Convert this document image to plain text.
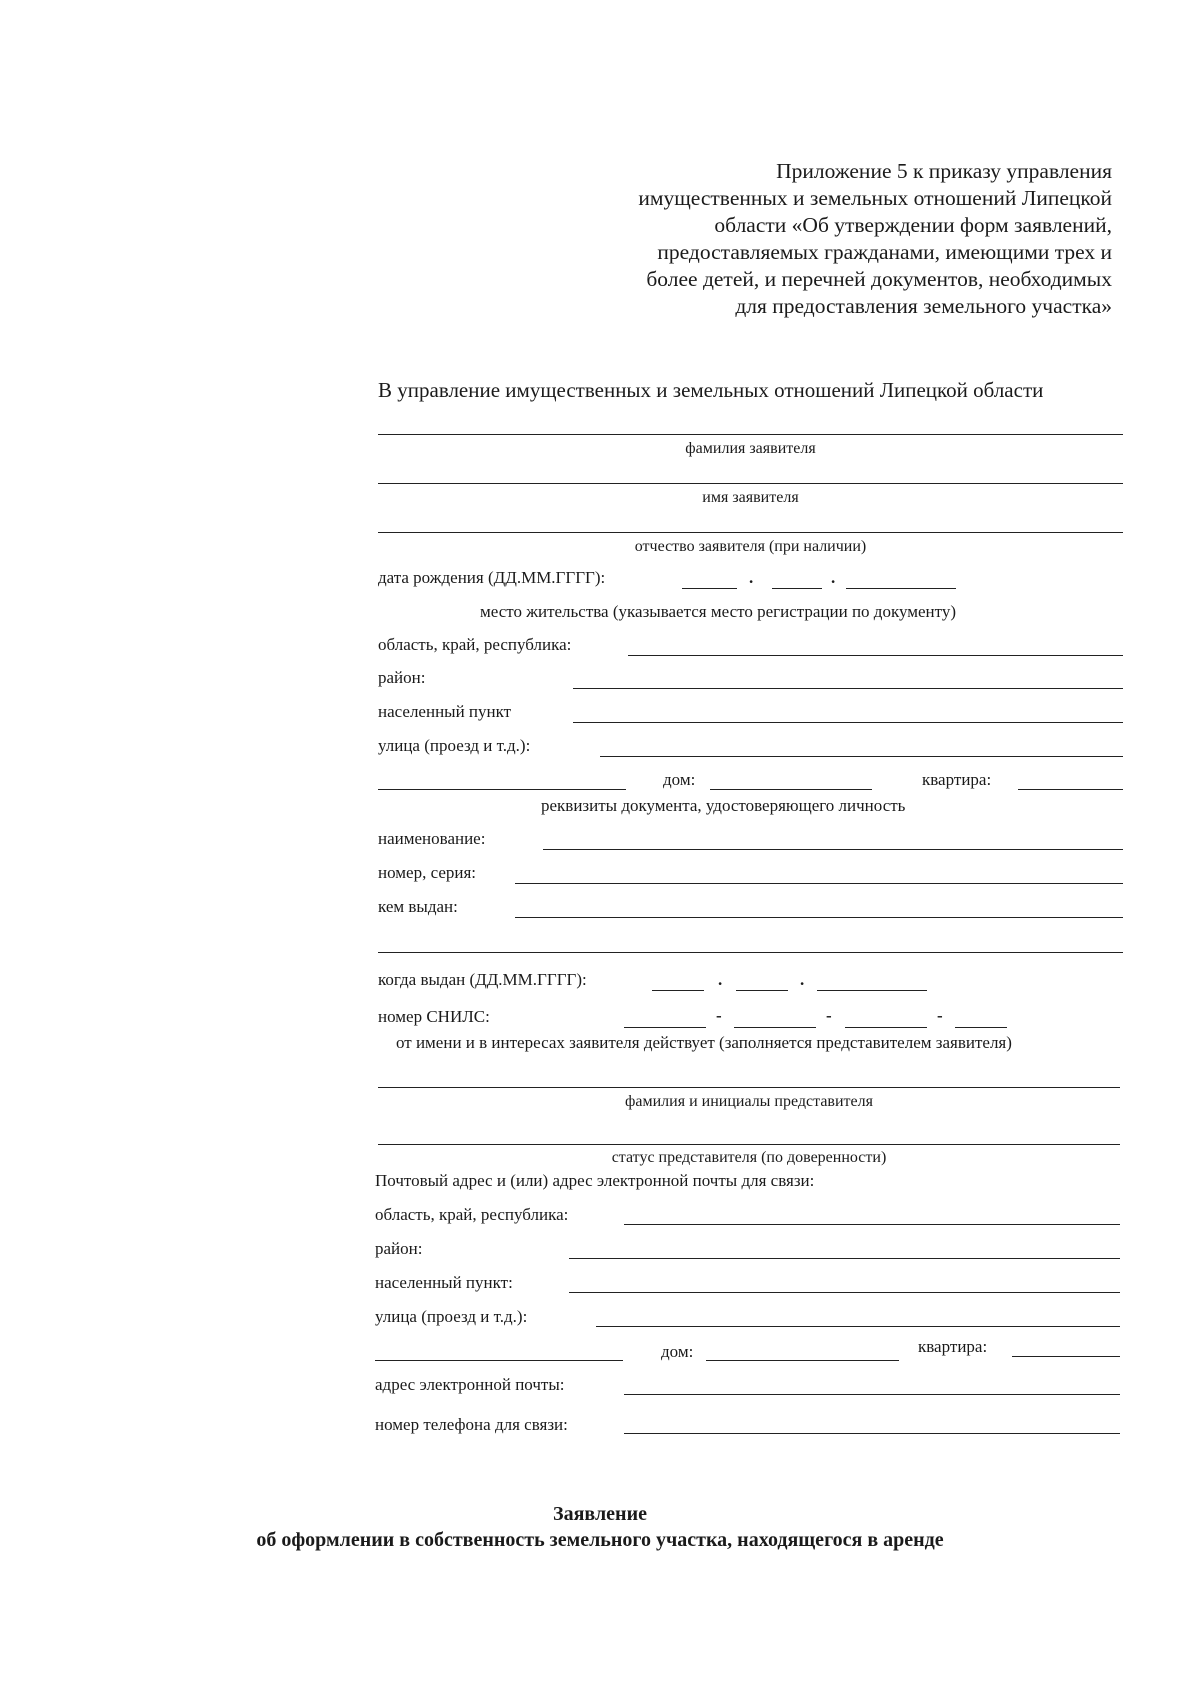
Приложение 5 к приказу управления
имущественных и земельных отношений Липецкой
области «Об утверждении форм заявлений,
предоставляемых гражданами, имеющими трех и
более детей, и перечней документов, необходимых
для предоставления земельного участка»
В управление имущественных и земельных отношений Липецкой области
фамилия заявителя
имя заявителя
отчество заявителя (при наличии)
дата рождения (ДД.ММ.ГГГГ):	.	.
место жительства (указывается место регистрации по документу)
область, край, республика:
район:
населенный пункт
улица (проезд и т.д.):
дом:	квартира:
реквизиты документа, удостоверяющего личность
наименование:
номер, серия:
кем выдан:
когда выдан (ДД.ММ.ГГГГ):	.	.
номер СНИЛС:	-	-	-
от имени и в интересах заявителя действует (заполняется представителем заявителя)
фамилия и инициалы представителя
статус представителя (по доверенности)
Почтовый адрес и (или) адрес электронной почты для связи:
область, край, республика:
район:
населенный пункт:
улица (проезд и т.д.):
дом:	квартира:
адрес электронной почты:
номер телефона для связи:
Заявление
об оформлении в собственность земельного участка, находящегося в аренде
